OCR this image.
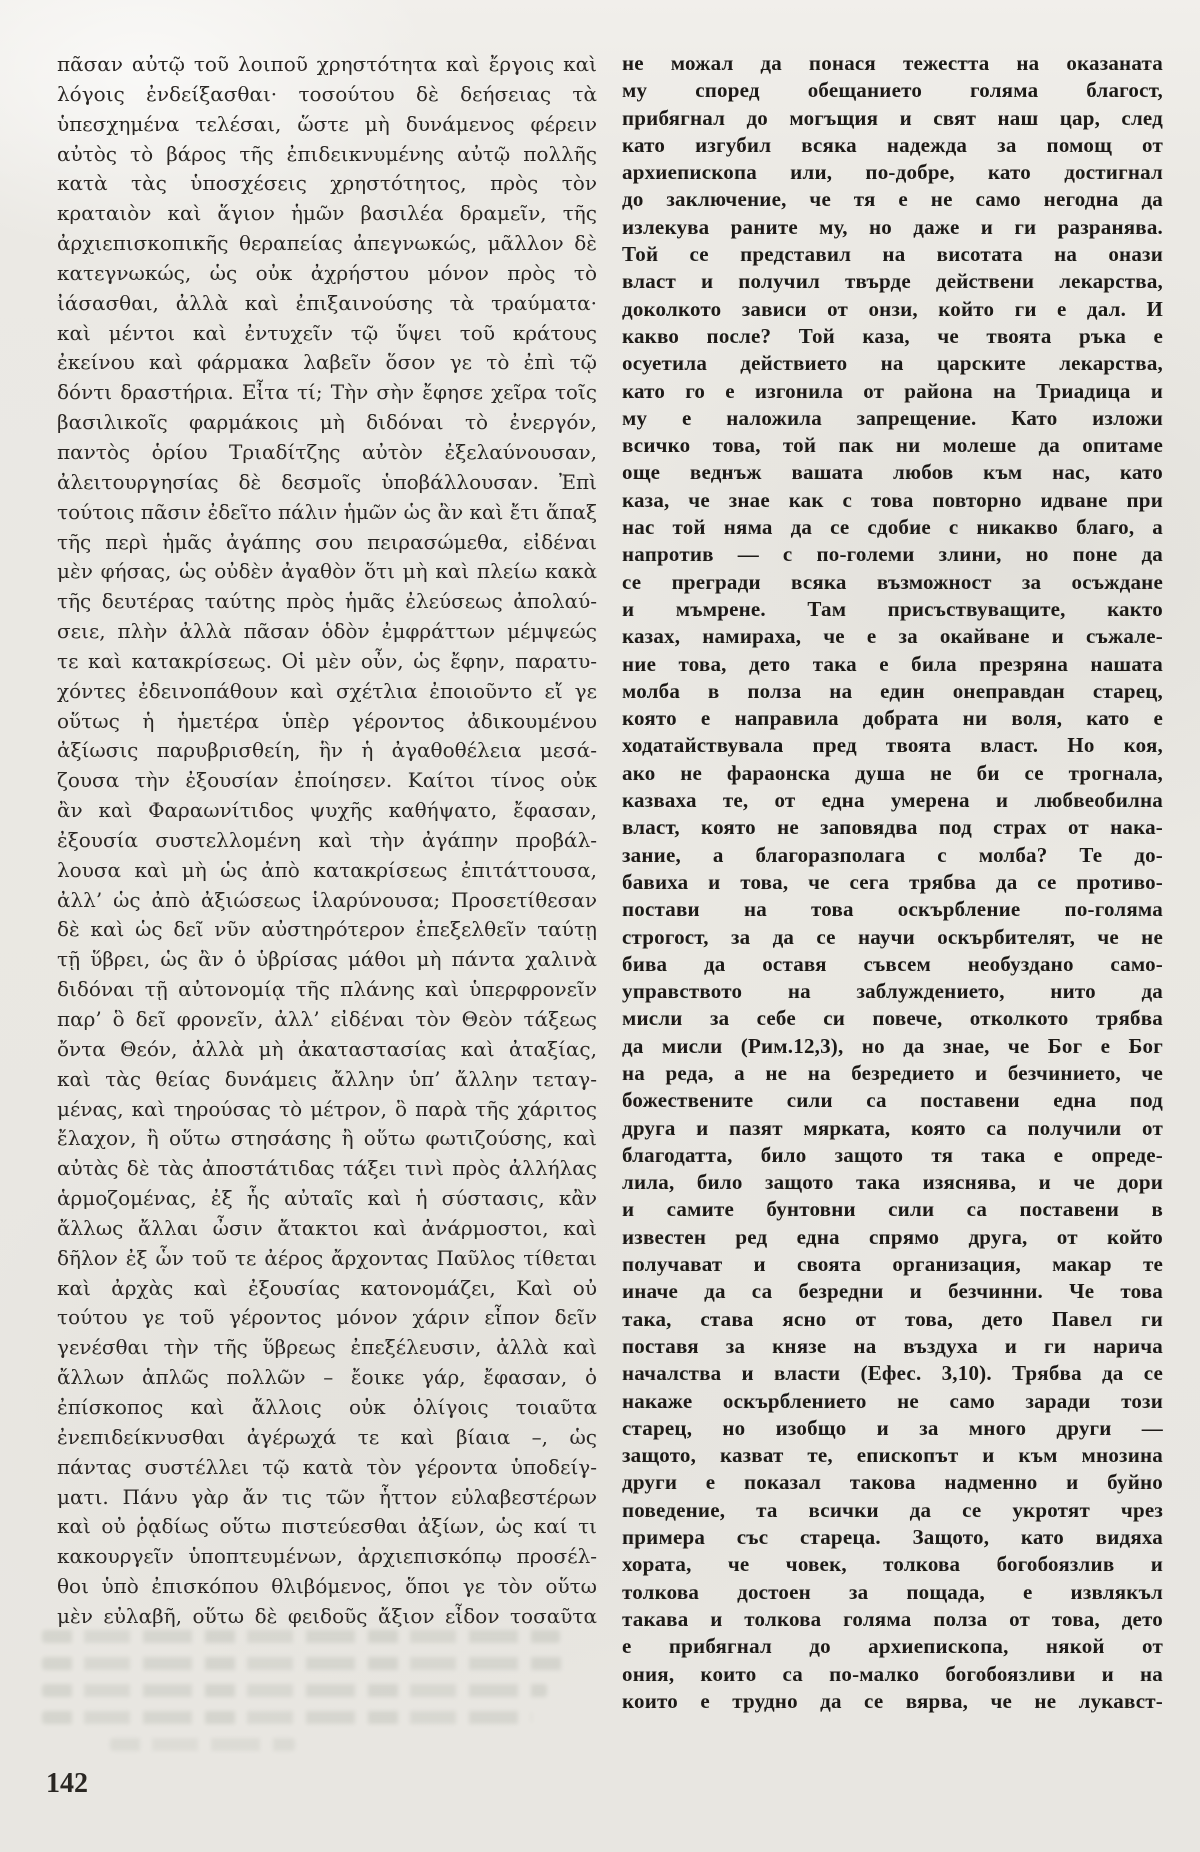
πᾶσαν αὐτῷ τοῦ λοιποῦ χρηστότητα καὶ ἔργοις καὶ
λόγοις ἐνδείξασθαι· τοσούτου δὲ δεήσειας τὰ
ὑπεσχημένα τελέσαι, ὥστε μὴ δυνάμενος φέρειν
αὐτὸς τὸ βάρος τῆς ἐπιδεικνυμένης αὐτῷ πολλῆς
κατὰ τὰς ὑποσχέσεις χρηστότητος, πρὸς τὸν
κραταιὸν καὶ ἅγιον ἡμῶν βασιλέα δραμεῖν, τῆς
ἀρχιεπισκοπικῆς θεραπείας ἀπεγνωκώς, μᾶλλον δὲ
κατεγνωκώς, ὡς οὐκ ἀχρήστου μόνον πρὸς τὸ
ἰάσασθαι, ἀλλὰ καὶ ἐπιξαινούσης τὰ τραύματα·
καὶ μέντοι καὶ ἐντυχεῖν τῷ ὕψει τοῦ κράτους
ἐκείνου καὶ φάρμακα λαβεῖν ὅσον γε τὸ ἐπὶ τῷ
δόντι δραστήρια. Εἶτα τί; Τὴν σὴν ἔφησε χεῖρα τοῖς
βασιλικοῖς φαρμάκοις μὴ διδόναι τὸ ἐνεργόν,
παντὸς ὁρίου Τριαδίτζης αὐτὸν ἐξελαύνουσαν,
ἀλειτουργησίας δὲ δεσμοῖς ὑποβάλλουσαν. Ἐπὶ
τούτοις πᾶσιν ἐδεῖτο πάλιν ἡμῶν ὡς ἂν καὶ ἔτι ἅπαξ
τῆς περὶ ἡμᾶς ἀγάπης σου πειρασώμεθα, εἰδέναι
μὲν φήσας, ὡς οὐδὲν ἀγαθὸν ὅτι μὴ καὶ πλείω κακὰ
τῆς δευτέρας ταύτης πρὸς ἡμᾶς ἐλεύσεως ἀπολαύ-
σειε, πλὴν ἀλλὰ πᾶσαν ὁδὸν ἐμφράττων μέμψεώς
τε καὶ κατακρίσεως. Οἱ μὲν οὖν, ὡς ἔφην, παρατυ-
χόντες ἐδεινοπάθουν καὶ σχέτλια ἐποιοῦντο εἴ γε
οὕτως ἡ ἡμετέρα ὑπὲρ γέροντος ἀδικουμένου
ἀξίωσις παρυβρισθείη, ἣν ἡ ἀγαθοθέλεια μεσά-
ζουσα τὴν ἐξουσίαν ἐποίησεν. Καίτοι τίνος οὐκ
ἂν καὶ Φαραωνίτιδος ψυχῆς καθήψατο, ἔφασαν,
ἐξουσία συστελλομένη καὶ τὴν ἀγάπην προβάλ-
λουσα καὶ μὴ ὡς ἀπὸ κατακρίσεως ἐπιτάττουσα,
ἀλλ’ ὡς ἀπὸ ἀξιώσεως ἱλαρύνουσα; Προσετίθεσαν
δὲ καὶ ὡς δεῖ νῦν αὐστηρότερον ἐπεξελθεῖν ταύτῃ
τῇ ὕβρει, ὡς ἂν ὁ ὑβρίσας μάθοι μὴ πάντα χαλινὰ
διδόναι τῇ αὐτονομίᾳ τῆς πλάνης καὶ ὑπερφρονεῖν
παρ’ ὃ δεῖ φρονεῖν, ἀλλ’ εἰδέναι τὸν Θεὸν τάξεως
ὄντα Θεόν, ἀλλὰ μὴ ἀκαταστασίας καὶ ἀταξίας,
καὶ τὰς θείας δυνάμεις ἄλλην ὑπ’ ἄλλην τεταγ-
μένας, καὶ τηρούσας τὸ μέτρον, ὃ παρὰ τῆς χάριτος
ἔλαχον, ἢ οὕτω στησάσης ἢ οὕτω φωτιζούσης, καὶ
αὐτὰς δὲ τὰς ἀποστάτιδας τάξει τινὶ πρὸς ἀλλήλας
ἁρμοζομένας, ἐξ ἧς αὐταῖς καὶ ἡ σύστασις, κἂν
ἄλλως ἄλλαι ὦσιν ἄτακτοι καὶ ἀνάρμοστοι, καὶ
δῆλον ἐξ ὧν τοῦ τε ἀέρος ἄρχοντας Παῦλος τίθεται
καὶ ἀρχὰς καὶ ἐξουσίας κατονομάζει, Καὶ οὐ
τούτου γε τοῦ γέροντος μόνον χάριν εἶπον δεῖν
γενέσθαι τὴν τῆς ὕβρεως ἐπεξέλευσιν, ἀλλὰ καὶ
ἄλλων ἁπλῶς πολλῶν – ἔοικε γάρ, ἔφασαν, ὁ
ἐπίσκοπος καὶ ἄλλοις οὐκ ὀλίγοις τοιαῦτα
ἐνεπιδείκνυσθαι ἀγέρωχά τε καὶ βίαια –, ὡς
πάντας συστέλλει τῷ κατὰ τὸν γέροντα ὑποδείγ-
ματι. Πάνυ γὰρ ἄν τις τῶν ἧττον εὐλαβεστέρων
καὶ οὐ ῥᾳδίως οὕτω πιστεύεσθαι ἀξίων, ὡς καί τι
κακουργεῖν ὑποπτευμένων, ἀρχιεπισκόπῳ προσέλ-
θοι ὑπὸ ἐπισκόπου θλιβόμενος, ὅποι γε τὸν οὕτω
μὲν εὐλαβῆ, οὕτω δὲ φειδοῦς ἄξιον εἶδον τοσαῦτα
не можал да понася тежестта на оказаната
му според обещанието голяма благост,
прибягнал до могъщия и свят наш цар, след
като изгубил всяка надежда за помощ от
архиепископа или, по-добре, като достигнал
до заключение, че тя е не само негодна да
излекува раните му, но даже и ги разранява.
Той се представил на висотата на онази
власт и получил твърде действени лекарства,
доколкото зависи от онзи, който ги е дал. И
какво после? Той каза, че твоята ръка е
осуетила действието на царските лекарства,
като го е изгонила от района на Триадица и
му е наложила запрещение. Като изложи
всичко това, той пак ни молеше да опитаме
още веднъж вашата любов към нас, като
каза, че знае как с това повторно идване при
нас той няма да се сдобие с никакво благо, а
напротив — с по-големи злини, но поне да
се прегради всяка възможност за осъждане
и мъмрене. Там присъствуващите, както
казах, намираха, че е за окайване и съжале-
ние това, дето така е била презряна нашата
молба в полза на един онеправдан старец,
която е направила добрата ни воля, като е
ходатайствувала пред твоята власт. Но коя,
ако не фараонска душа не би се трогнала,
казваха те, от една умерена и любвеобилна
власт, която не заповядва под страх от нака-
зание, а благоразполага с молба? Те до-
бавиха и това, че сега трябва да се противо-
постави на това оскърбление по-голяма
строгост, за да се научи оскърбителят, че не
бива да оставя съвсем необуздано само-
управството на заблуждението, нито да
мисли за себе си повече, отколкото трябва
да мисли (Рим.12,3), но да знае, че Бог е Бог
на реда, а не на безредието и безчинието, че
божествените сили са поставени една под
друга и пазят мярката, която са получили от
благодатта, било защото тя така е опреде-
лила, било защото така изяснява, и че дори
и самите бунтовни сили са поставени в
известен ред една спрямо друга, от който
получават и своята организация, макар те
иначе да са безредни и безчинни. Че това
така, става ясно от това, дето Павел ги
поставя за князе на въздуха и ги нарича
началства и власти (Ефес. 3,10). Трябва да се
накаже оскърблението не само заради този
старец, но изобщо и за много други —
защото, казват те, епископът и към мнозина
други е показал такова надменно и буйно
поведение, та всички да се укротят чрез
примера със стареца. Защото, като видяха
хората, че човек, толкова богобоязлив и
толкова достоен за пощада, е извлякъл
такава и толкова голяма полза от това, дето
е прибягнал до архиепископа, някой от
ония, които са по-малко богобоязливи и на
които е трудно да се вярва, че не лукавст-
142
